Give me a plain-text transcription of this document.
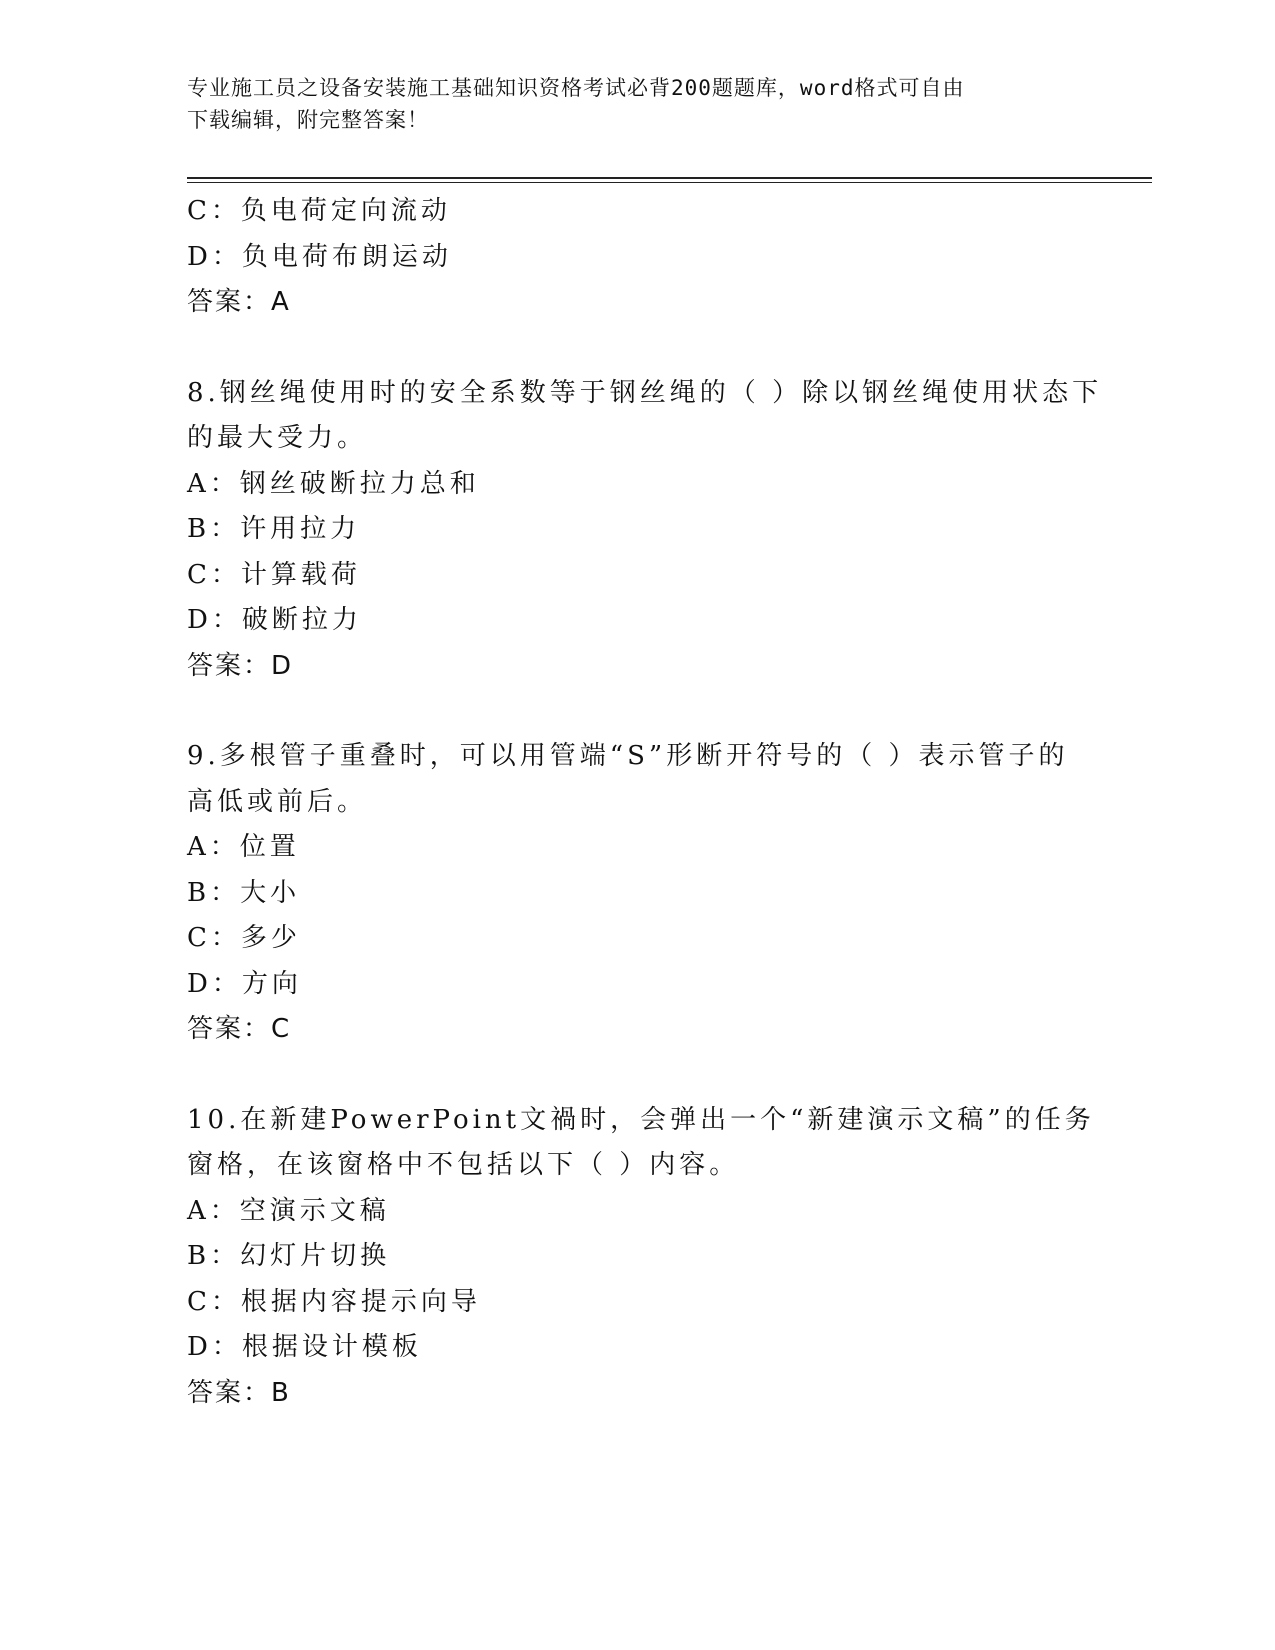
专业施工员之设备安装施工基础知识资格考试必背200题题库，word格式可自由
下载编辑，附完整答案！
C：负电荷定向流动
D：负电荷布朗运动
答案：A
8.钢丝绳使用时的安全系数等于钢丝绳的（ ）除以钢丝绳使用状态下
的最大受力。
A：钢丝破断拉力总和
B：许用拉力
C：计算载荷
D：破断拉力
答案：D
9.多根管子重叠时，可以用管端“S”形断开符号的（ ）表示管子的
高低或前后。
A：位置
B：大小
C：多少
D：方向
答案：C
10.在新建PowerPoint文禍时，会弹出一个“新建演示文稿”的任务
窗格，在该窗格中不包括以下（ ）内容。
A：空演示文稿
B：幻灯片切换
C：根据内容提示向导
D：根据设计模板
答案：B
